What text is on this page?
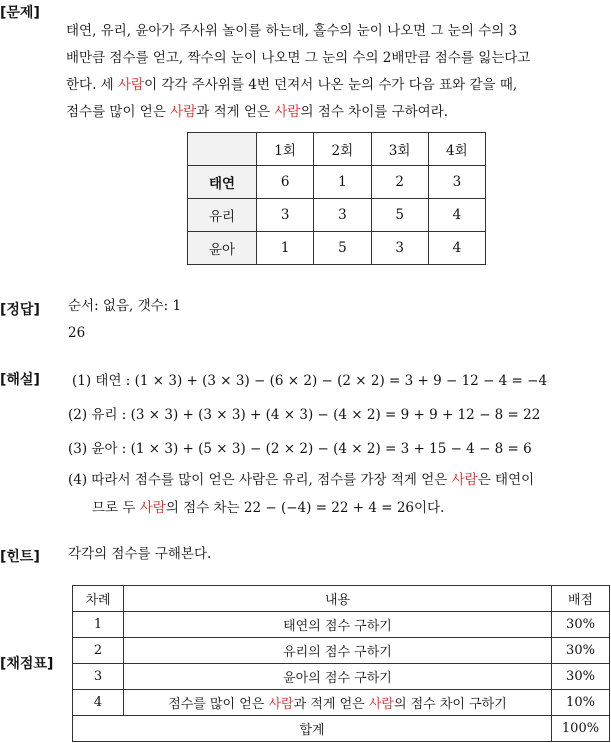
[문제]
태연, 유리, 윤아가 주사위 놀이를 하는데, 홀수의 눈이 나오면 그 눈의 수의 3
배만큼 점수를 얻고, 짝수의 눈이 나오면 그 눈의 수의 2배만큼 점수를 잃는다고
한다. 세 사람이 각각 주사위를 4번 던져서 나온 눈의 수가 다음 표와 같을 때,
점수를 많이 얻은 사람과 적게 얻은 사람의 점수 차이를 구하여라.
	1회	2회	3회	4회
태연	6	1	2	3
유리	3	3	5	4
윤아	1	5	3	4
[정답] 순서: 없음, 갯수: 1
26
[해설] (1) 태연 : (1 × 3) + (3 × 3) − (6 × 2) − (2 × 2) = 3 + 9 − 12 − 4 = −4
(2) 유리 : (3 × 3) + (3 × 3) + (4 × 3) − (4 × 2) = 9 + 9 + 12 − 8 = 22
(3) 윤아 : (1 × 3) + (5 × 3) − (2 × 2) − (4 × 2) = 3 + 15 − 4 − 8 = 6
(4) 따라서 점수를 많이 얻은 사람은 유리, 점수를 가장 적게 얻은 사람은 태연이
므로 두 사람의 점수 차는 22 − (−4) = 22 + 4 = 26이다.
[힌트] 각각의 점수를 구해본다.
[채점표]
차례	내용	배점
1	태연의 점수 구하기	30%
2	유리의 점수 구하기	30%
3	윤아의 점수 구하기	30%
4	점수를 많이 얻은 사람과 적게 얻은 사람의 점수 차이 구하기	10%
합계		100%
